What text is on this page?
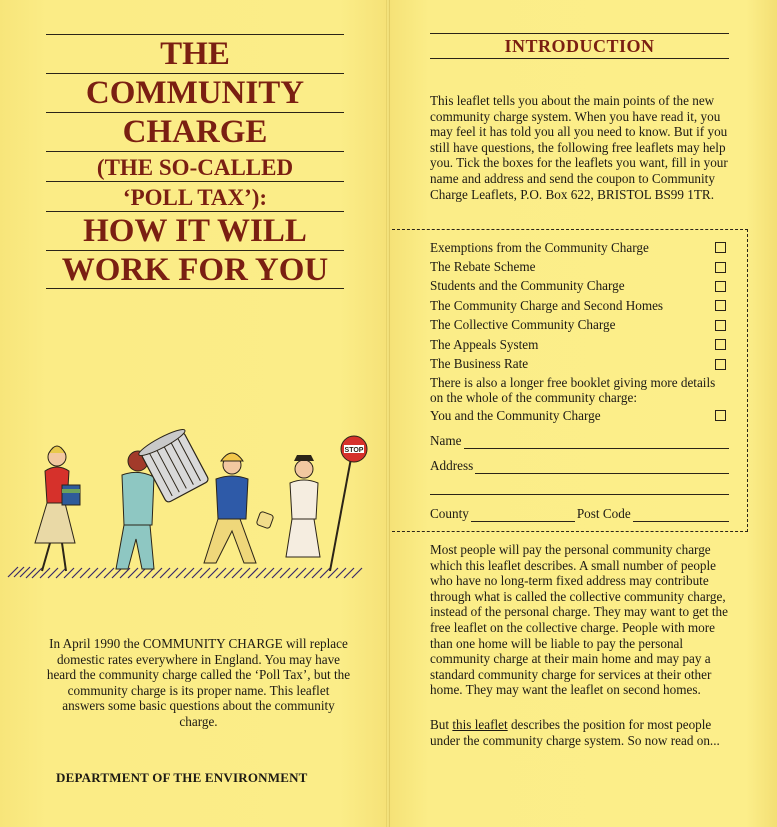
THE
COMMUNITY
CHARGE
(THE SO-CALLED
‘POLL TAX’):
HOW IT WILL
WORK FOR YOU
STOP
In April 1990 the COMMUNITY CHARGE will replace domestic rates everywhere in England. You may have heard the community charge called the ‘Poll Tax’, but the community charge is its proper name. This leaflet answers some basic questions about the community charge.
DEPARTMENT OF THE ENVIRONMENT
INTRODUCTION
This leaflet tells you about the main points of the new community charge system. When you have read it, you may feel it has told you all you need to know. But if you still have questions, the following free leaflets may help you. Tick the boxes for the leaflets you want, fill in your name and address and send the coupon to Community Charge Leaflets, P.O. Box 622, BRISTOL BS99 1TR.
Exemptions from the Community Charge
The Rebate Scheme
Students and the Community Charge
The Community Charge and Second Homes
The Collective Community Charge
The Appeals System
The Business Rate
There is also a longer free booklet giving more details on the whole of the community charge:
You and the Community Charge
Name
Address
County	Post Code
Most people will pay the personal community charge which this leaflet describes. A small number of people who have no long-term fixed address may contribute through what is called the collective community charge, instead of the personal charge. They may want to get the free leaflet on the collective charge. People with more than one home will be liable to pay the personal community charge at their main home and may pay a standard community charge for services at their other home. They may want the leaflet on second homes.
But this leaflet describes the position for most people under the community charge system. So now read on...
